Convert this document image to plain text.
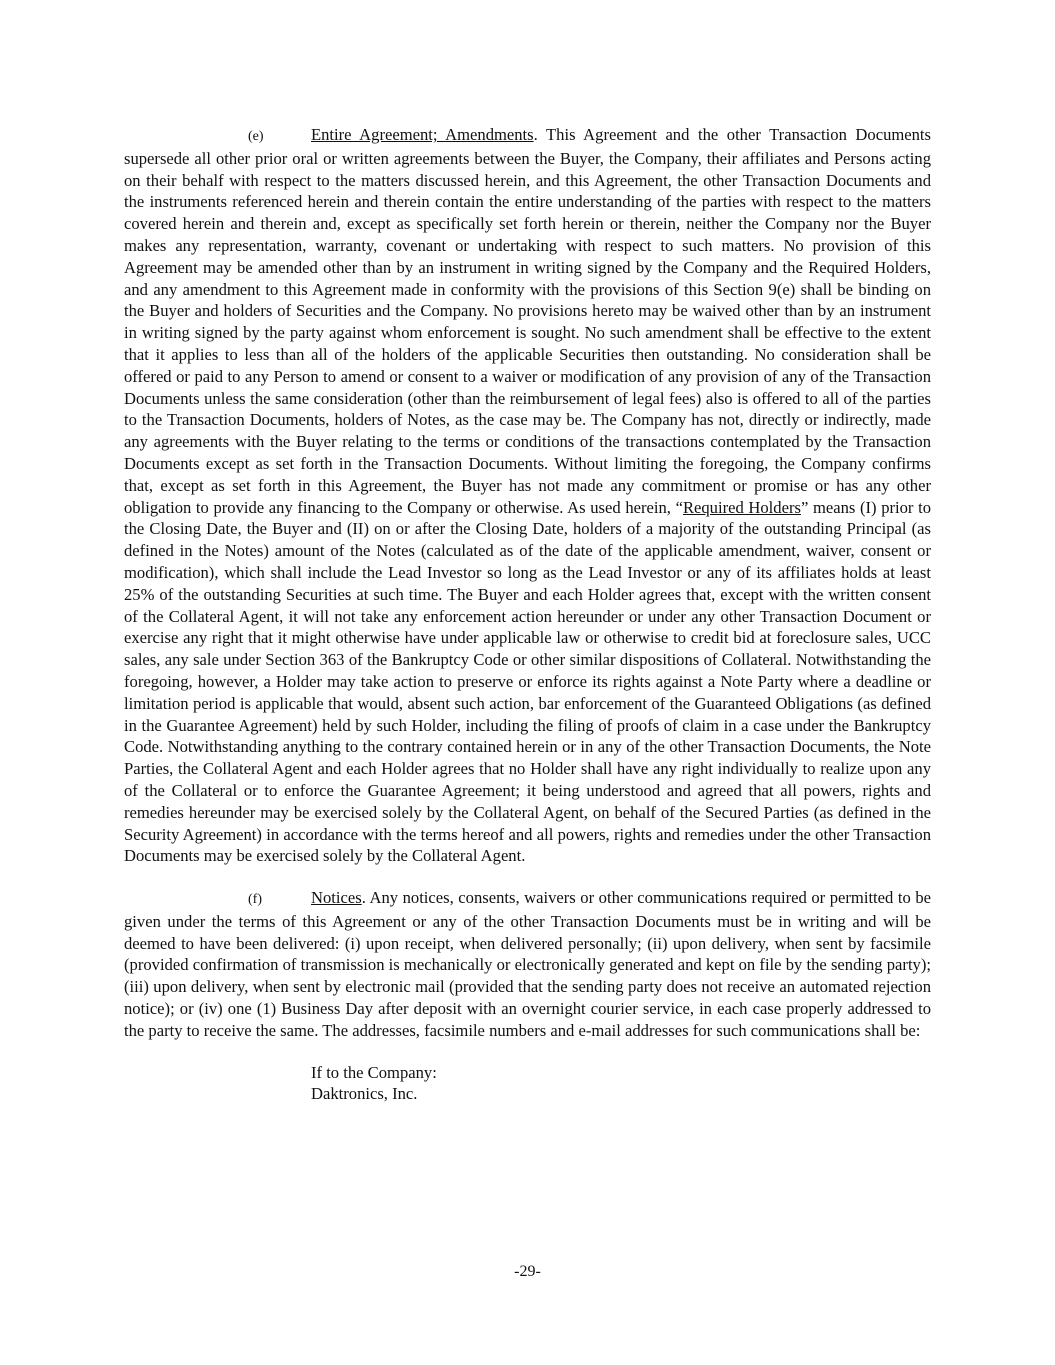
(e)	Entire Agreement; Amendments. This Agreement and the other Transaction Documents supersede all other prior oral or written agreements between the Buyer, the Company, their affiliates and Persons acting on their behalf with respect to the matters discussed herein, and this Agreement, the other Transaction Documents and the instruments referenced herein and therein contain the entire understanding of the parties with respect to the matters covered herein and therein and, except as specifically set forth herein or therein, neither the Company nor the Buyer makes any representation, warranty, covenant or undertaking with respect to such matters. No provision of this Agreement may be amended other than by an instrument in writing signed by the Company and the Required Holders, and any amendment to this Agreement made in conformity with the provisions of this Section 9(e) shall be binding on the Buyer and holders of Securities and the Company. No provisions hereto may be waived other than by an instrument in writing signed by the party against whom enforcement is sought. No such amendment shall be effective to the extent that it applies to less than all of the holders of the applicable Securities then outstanding. No consideration shall be offered or paid to any Person to amend or consent to a waiver or modification of any provision of any of the Transaction Documents unless the same consideration (other than the reimbursement of legal fees) also is offered to all of the parties to the Transaction Documents, holders of Notes, as the case may be. The Company has not, directly or indirectly, made any agreements with the Buyer relating to the terms or conditions of the transactions contemplated by the Transaction Documents except as set forth in the Transaction Documents. Without limiting the foregoing, the Company confirms that, except as set forth in this Agreement, the Buyer has not made any commitment or promise or has any other obligation to provide any financing to the Company or otherwise. As used herein, “Required Holders” means (I) prior to the Closing Date, the Buyer and (II) on or after the Closing Date, holders of a majority of the outstanding Principal (as defined in the Notes) amount of the Notes (calculated as of the date of the applicable amendment, waiver, consent or modification), which shall include the Lead Investor so long as the Lead Investor or any of its affiliates holds at least 25% of the outstanding Securities at such time. The Buyer and each Holder agrees that, except with the written consent of the Collateral Agent, it will not take any enforcement action hereunder or under any other Transaction Document or exercise any right that it might otherwise have under applicable law or otherwise to credit bid at foreclosure sales, UCC sales, any sale under Section 363 of the Bankruptcy Code or other similar dispositions of Collateral. Notwithstanding the foregoing, however, a Holder may take action to preserve or enforce its rights against a Note Party where a deadline or limitation period is applicable that would, absent such action, bar enforcement of the Guaranteed Obligations (as defined in the Guarantee Agreement) held by such Holder, including the filing of proofs of claim in a case under the Bankruptcy Code. Notwithstanding anything to the contrary contained herein or in any of the other Transaction Documents, the Note Parties, the Collateral Agent and each Holder agrees that no Holder shall have any right individually to realize upon any of the Collateral or to enforce the Guarantee Agreement; it being understood and agreed that all powers, rights and remedies hereunder may be exercised solely by the Collateral Agent, on behalf of the Secured Parties (as defined in the Security Agreement) in accordance with the terms hereof and all powers, rights and remedies under the other Transaction Documents may be exercised solely by the Collateral Agent.

(f)	Notices. Any notices, consents, waivers or other communications required or permitted to be given under the terms of this Agreement or any of the other Transaction Documents must be in writing and will be deemed to have been delivered: (i) upon receipt, when delivered personally; (ii) upon delivery, when sent by facsimile (provided confirmation of transmission is mechanically or electronically generated and kept on file by the sending party); (iii) upon delivery, when sent by electronic mail (provided that the sending party does not receive an automated rejection notice); or (iv) one (1) Business Day after deposit with an overnight courier service, in each case properly addressed to the party to receive the same. The addresses, facsimile numbers and e-mail addresses for such communications shall be:

If to the Company:
Daktronics, Inc.
-29-
